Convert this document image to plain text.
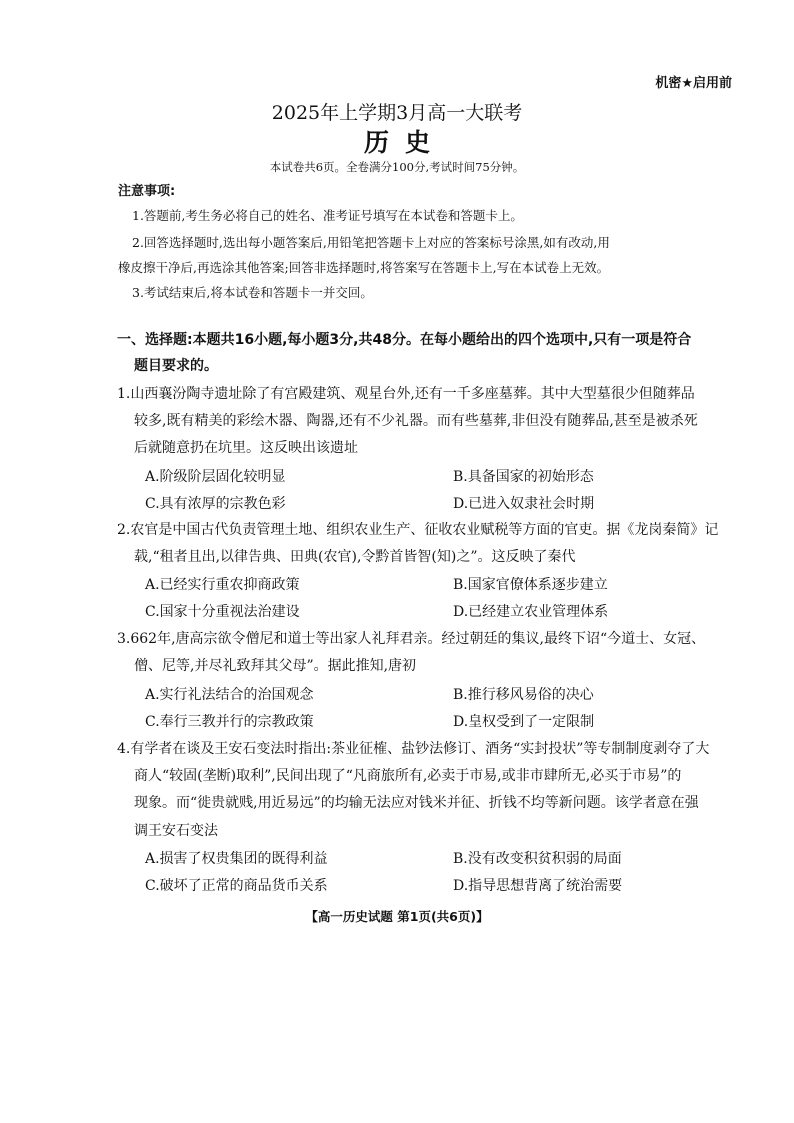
机密★启用前
2025年上学期3月高一大联考
历史
本试卷共6页。全卷满分100分,考试时间75分钟。
注意事项:
1.答题前,考生务必将自己的姓名、准考证号填写在本试卷和答题卡上。
2.回答选择题时,选出每小题答案后,用铅笔把答题卡上对应的答案标号涂黑,如有改动,用
橡皮擦干净后,再选涂其他答案;回答非选择题时,将答案写在答题卡上,写在本试卷上无效。
3.考试结束后,将本试卷和答题卡一并交回。
一、选择题:本题共16小题,每小题3分,共48分。在每小题给出的四个选项中,只有一项是符合
题目要求的。
1.山西襄汾陶寺遗址除了有宫殿建筑、观星台外,还有一千多座墓葬。其中大型墓很少但随葬品
较多,既有精美的彩绘木器、陶器,还有不少礼器。而有些墓葬,非但没有随葬品,甚至是被杀死
后就随意扔在坑里。这反映出该遗址
A.阶级阶层固化较明显	B.具备国家的初始形态
C.具有浓厚的宗教色彩	D.已进入奴隶社会时期
2.农官是中国古代负责管理土地、组织农业生产、征收农业赋税等方面的官吏。据《龙岗秦简》记
载,“租者且出,以律告典、田典(农官),令黔首皆智(知)之”。这反映了秦代
A.已经实行重农抑商政策	B.国家官僚体系逐步建立
C.国家十分重视法治建设	D.已经建立农业管理体系
3.662年,唐高宗欲令僧尼和道士等出家人礼拜君亲。经过朝廷的集议,最终下诏“今道士、女冠、
僧、尼等,并尽礼致拜其父母”。据此推知,唐初
A.实行礼法结合的治国观念	B.推行移风易俗的决心
C.奉行三教并行的宗教政策	D.皇权受到了一定限制
4.有学者在谈及王安石变法时指出:茶业征榷、盐钞法修订、酒务“实封投状”等专制制度剥夺了大
商人“较固(垄断)取利”,民间出现了“凡商旅所有,必卖于市易,或非市肆所无,必买于市易”的
现象。而“徙贵就贱,用近易远”的均输无法应对钱米并征、折钱不均等新问题。该学者意在强
调王安石变法
A.损害了权贵集团的既得利益	B.没有改变积贫积弱的局面
C.破坏了正常的商品货币关系	D.指导思想背离了统治需要
【高一历史试题 第1页(共6页)】
